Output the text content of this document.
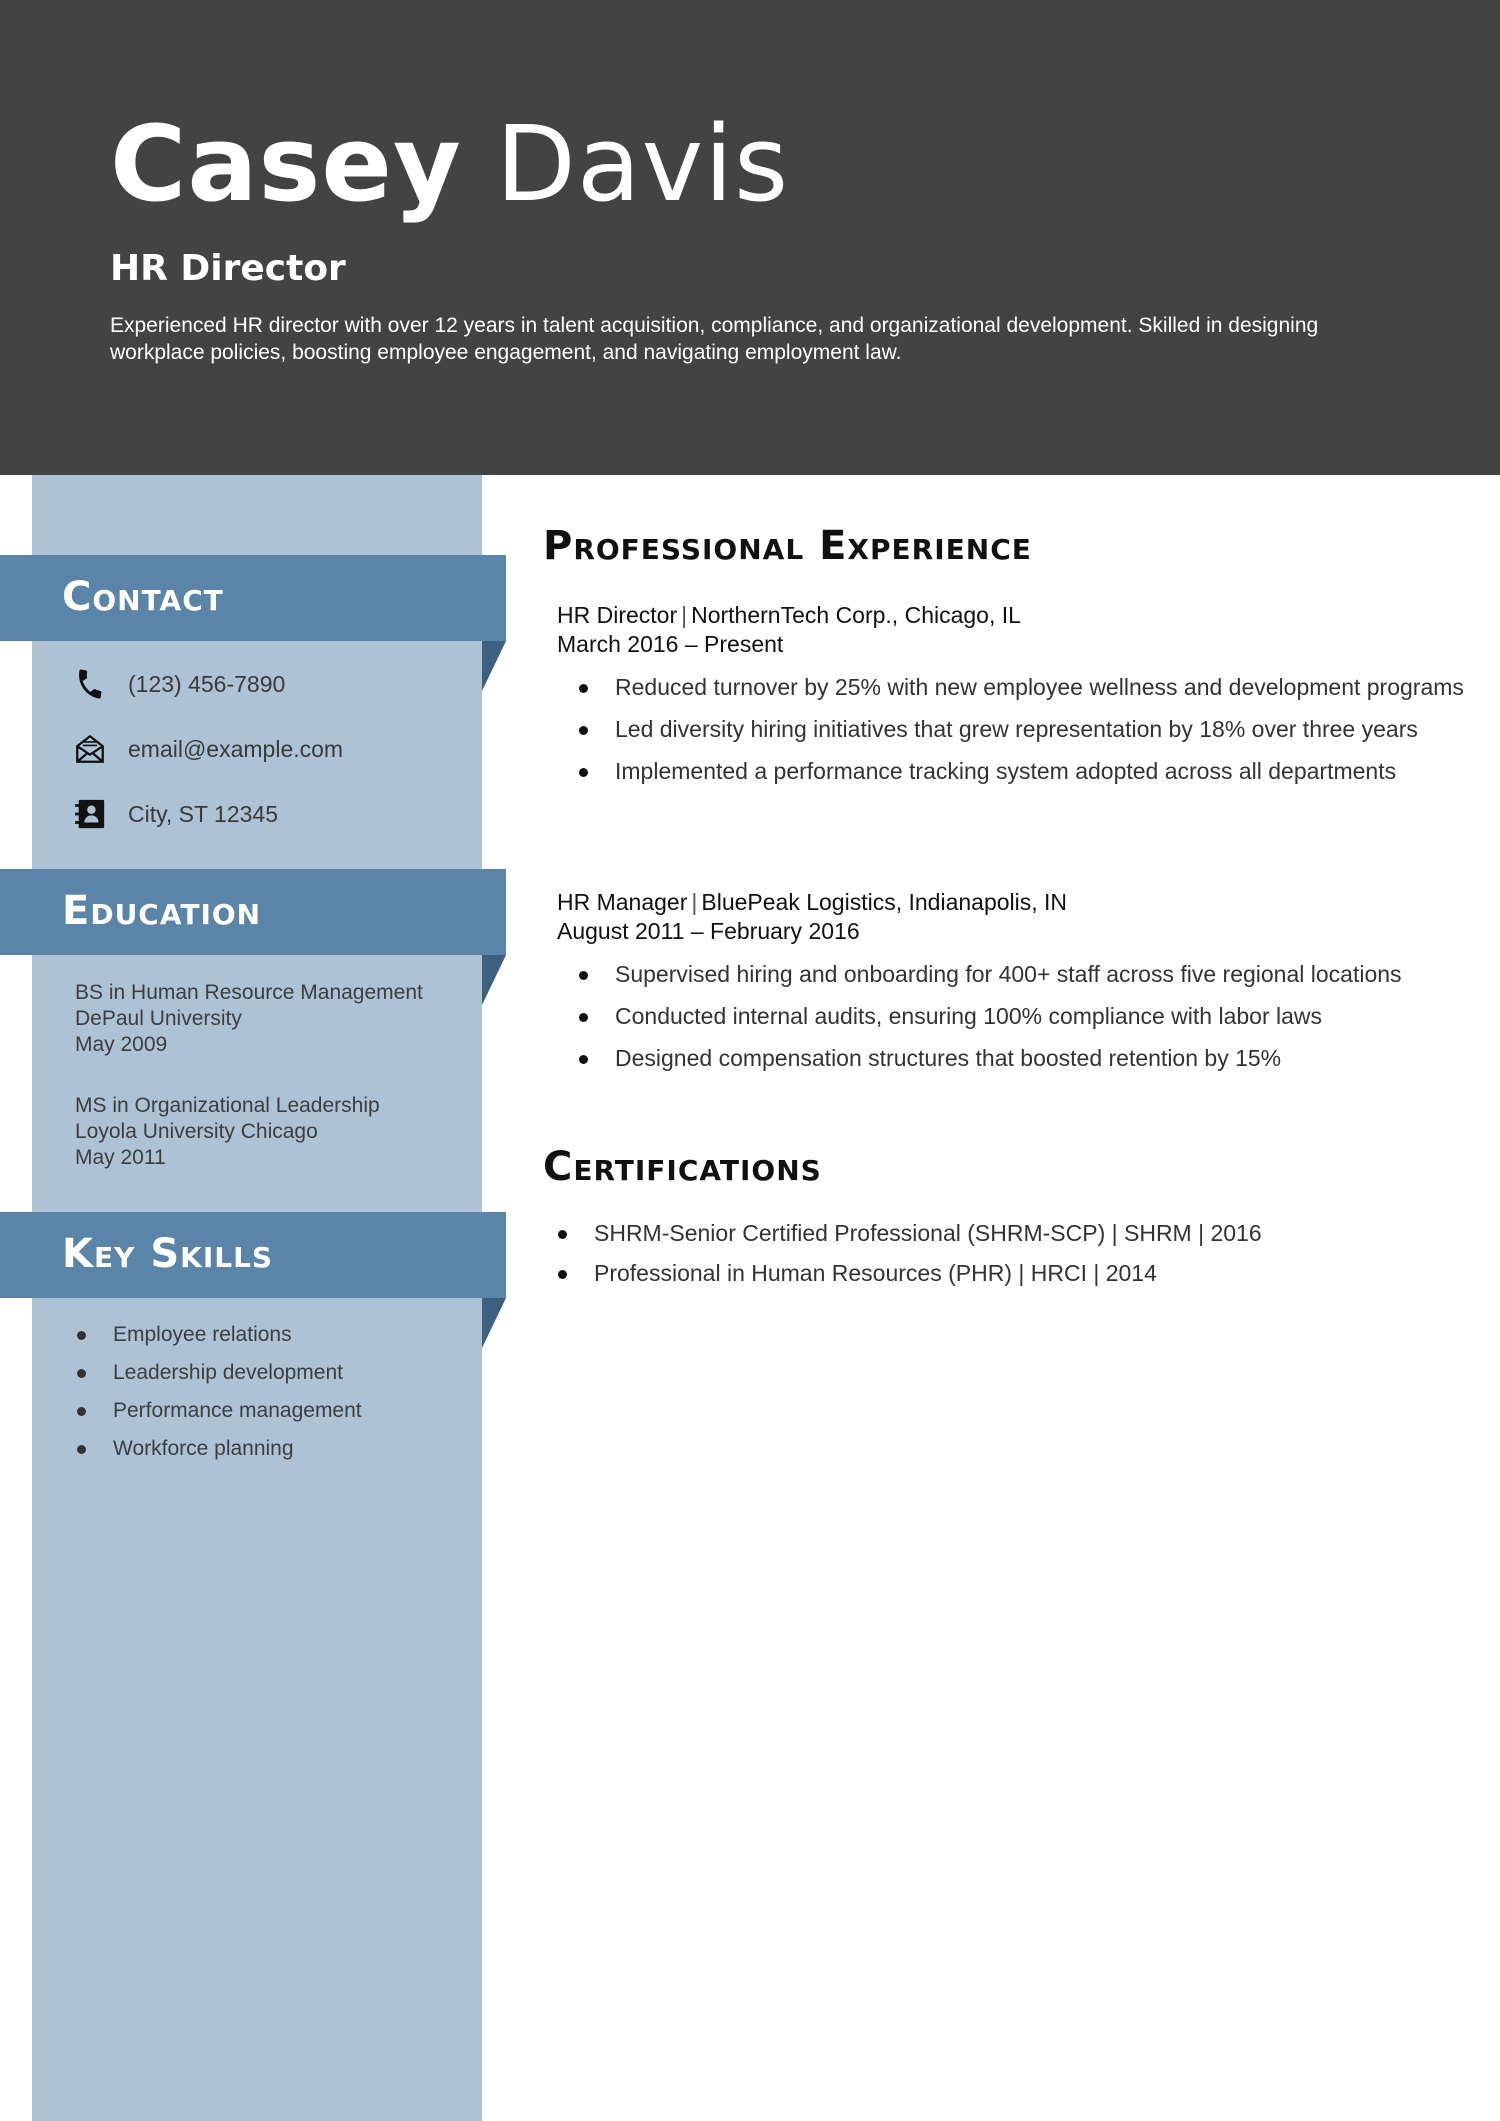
Casey Davis
HR Director
Experienced HR director with over 12 years in talent acquisition, compliance, and organizational development. Skilled in designing workplace policies, boosting employee engagement, and navigating employment law.
Contact
(123) 456-7890
email@example.com
City, ST 12345
Education
BS in Human Resource Management
DePaul University
May 2009
MS in Organizational Leadership
Loyola University Chicago
May 2011
Key Skills
Employee relations
Leadership development
Performance management
Workforce planning
Professional Experience
HR Director | NorthernTech Corp., Chicago, IL
March 2016 – Present
Reduced turnover by 25% with new employee wellness and development programs
Led diversity hiring initiatives that grew representation by 18% over three years
Implemented a performance tracking system adopted across all departments
HR Manager | BluePeak Logistics, Indianapolis, IN
August 2011 – February 2016
Supervised hiring and onboarding for 400+ staff across five regional locations
Conducted internal audits, ensuring 100% compliance with labor laws
Designed compensation structures that boosted retention by 15%
Certifications
SHRM-Senior Certified Professional (SHRM-SCP) | SHRM | 2016
Professional in Human Resources (PHR) | HRCI | 2014
